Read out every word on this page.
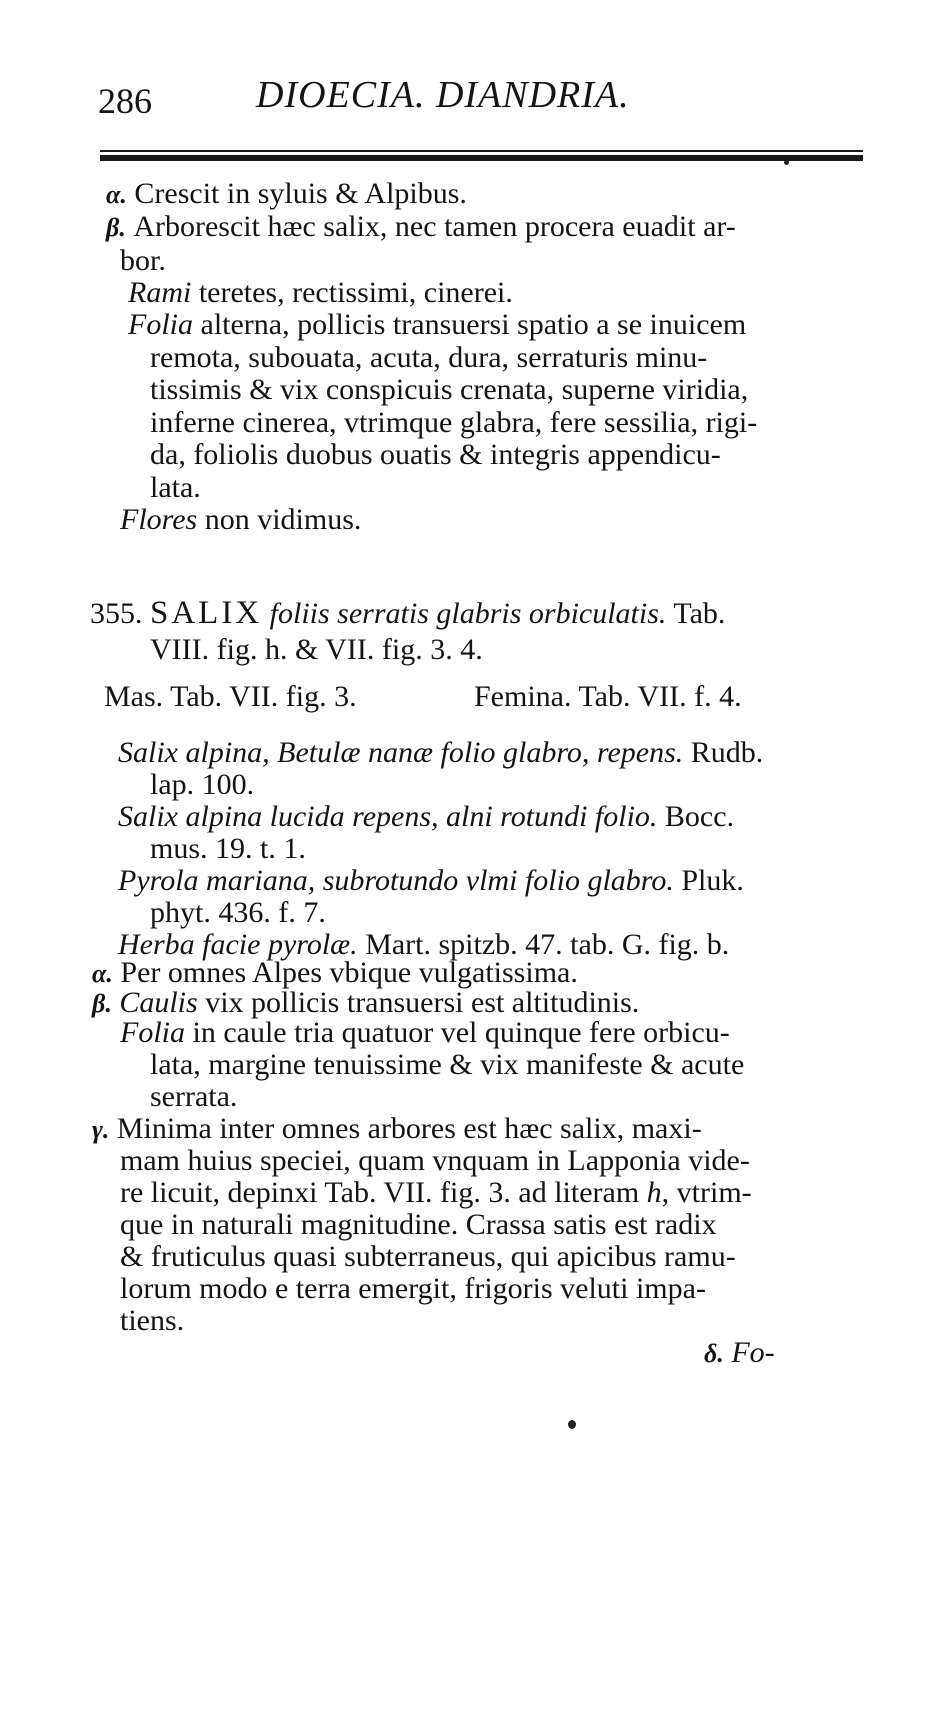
286	DIOECIA. DIANDRIA.
α. Crescit in syluis & Alpibus.
β. Arborescit hæc salix, nec tamen procera euadit ar-
bor.
Rami teretes, rectissimi, cinerei.
Folia alterna, pollicis transuersi spatio a se inuicem
remota, subouata, acuta, dura, serraturis minu-
tissimis & vix conspicuis crenata, superne viridia,
inferne cinerea, vtrimque glabra, fere sessilia, rigi-
da, foliolis duobus ouatis & integris appendicu-
lata.
Flores non vidimus.
355. SALIX foliis serratis glabris orbiculatis. Tab.
VIII. fig. h. & VII. fig. 3. 4.
Mas. Tab. VII. fig. 3.	Femina. Tab. VII. f. 4.
Salix alpina, Betulæ nanæ folio glabro, repens. Rudb.
lap. 100.
Salix alpina lucida repens, alni rotundi folio. Bocc.
mus. 19. t. 1.
Pyrola mariana, subrotundo vlmi folio glabro. Pluk.
phyt. 436. f. 7.
Herba facie pyrolæ. Mart. spitzb. 47. tab. G. fig. b.
α. Per omnes Alpes vbique vulgatissima.
β. Caulis vix pollicis transuersi est altitudinis.
Folia in caule tria quatuor vel quinque fere orbicu-
lata, margine tenuissime & vix manifeste & acute
serrata.
γ. Minima inter omnes arbores est hæc salix, maxi-
mam huius speciei, quam vnquam in Lapponia vide-
re licuit, depinxi Tab. VII. fig. 3. ad literam h, vtrim-
que in naturali magnitudine. Crassa satis est radix
& fruticulus quasi subterraneus, qui apicibus ramu-
lorum modo e terra emergit, frigoris veluti impa-
tiens.
δ. Fo-
